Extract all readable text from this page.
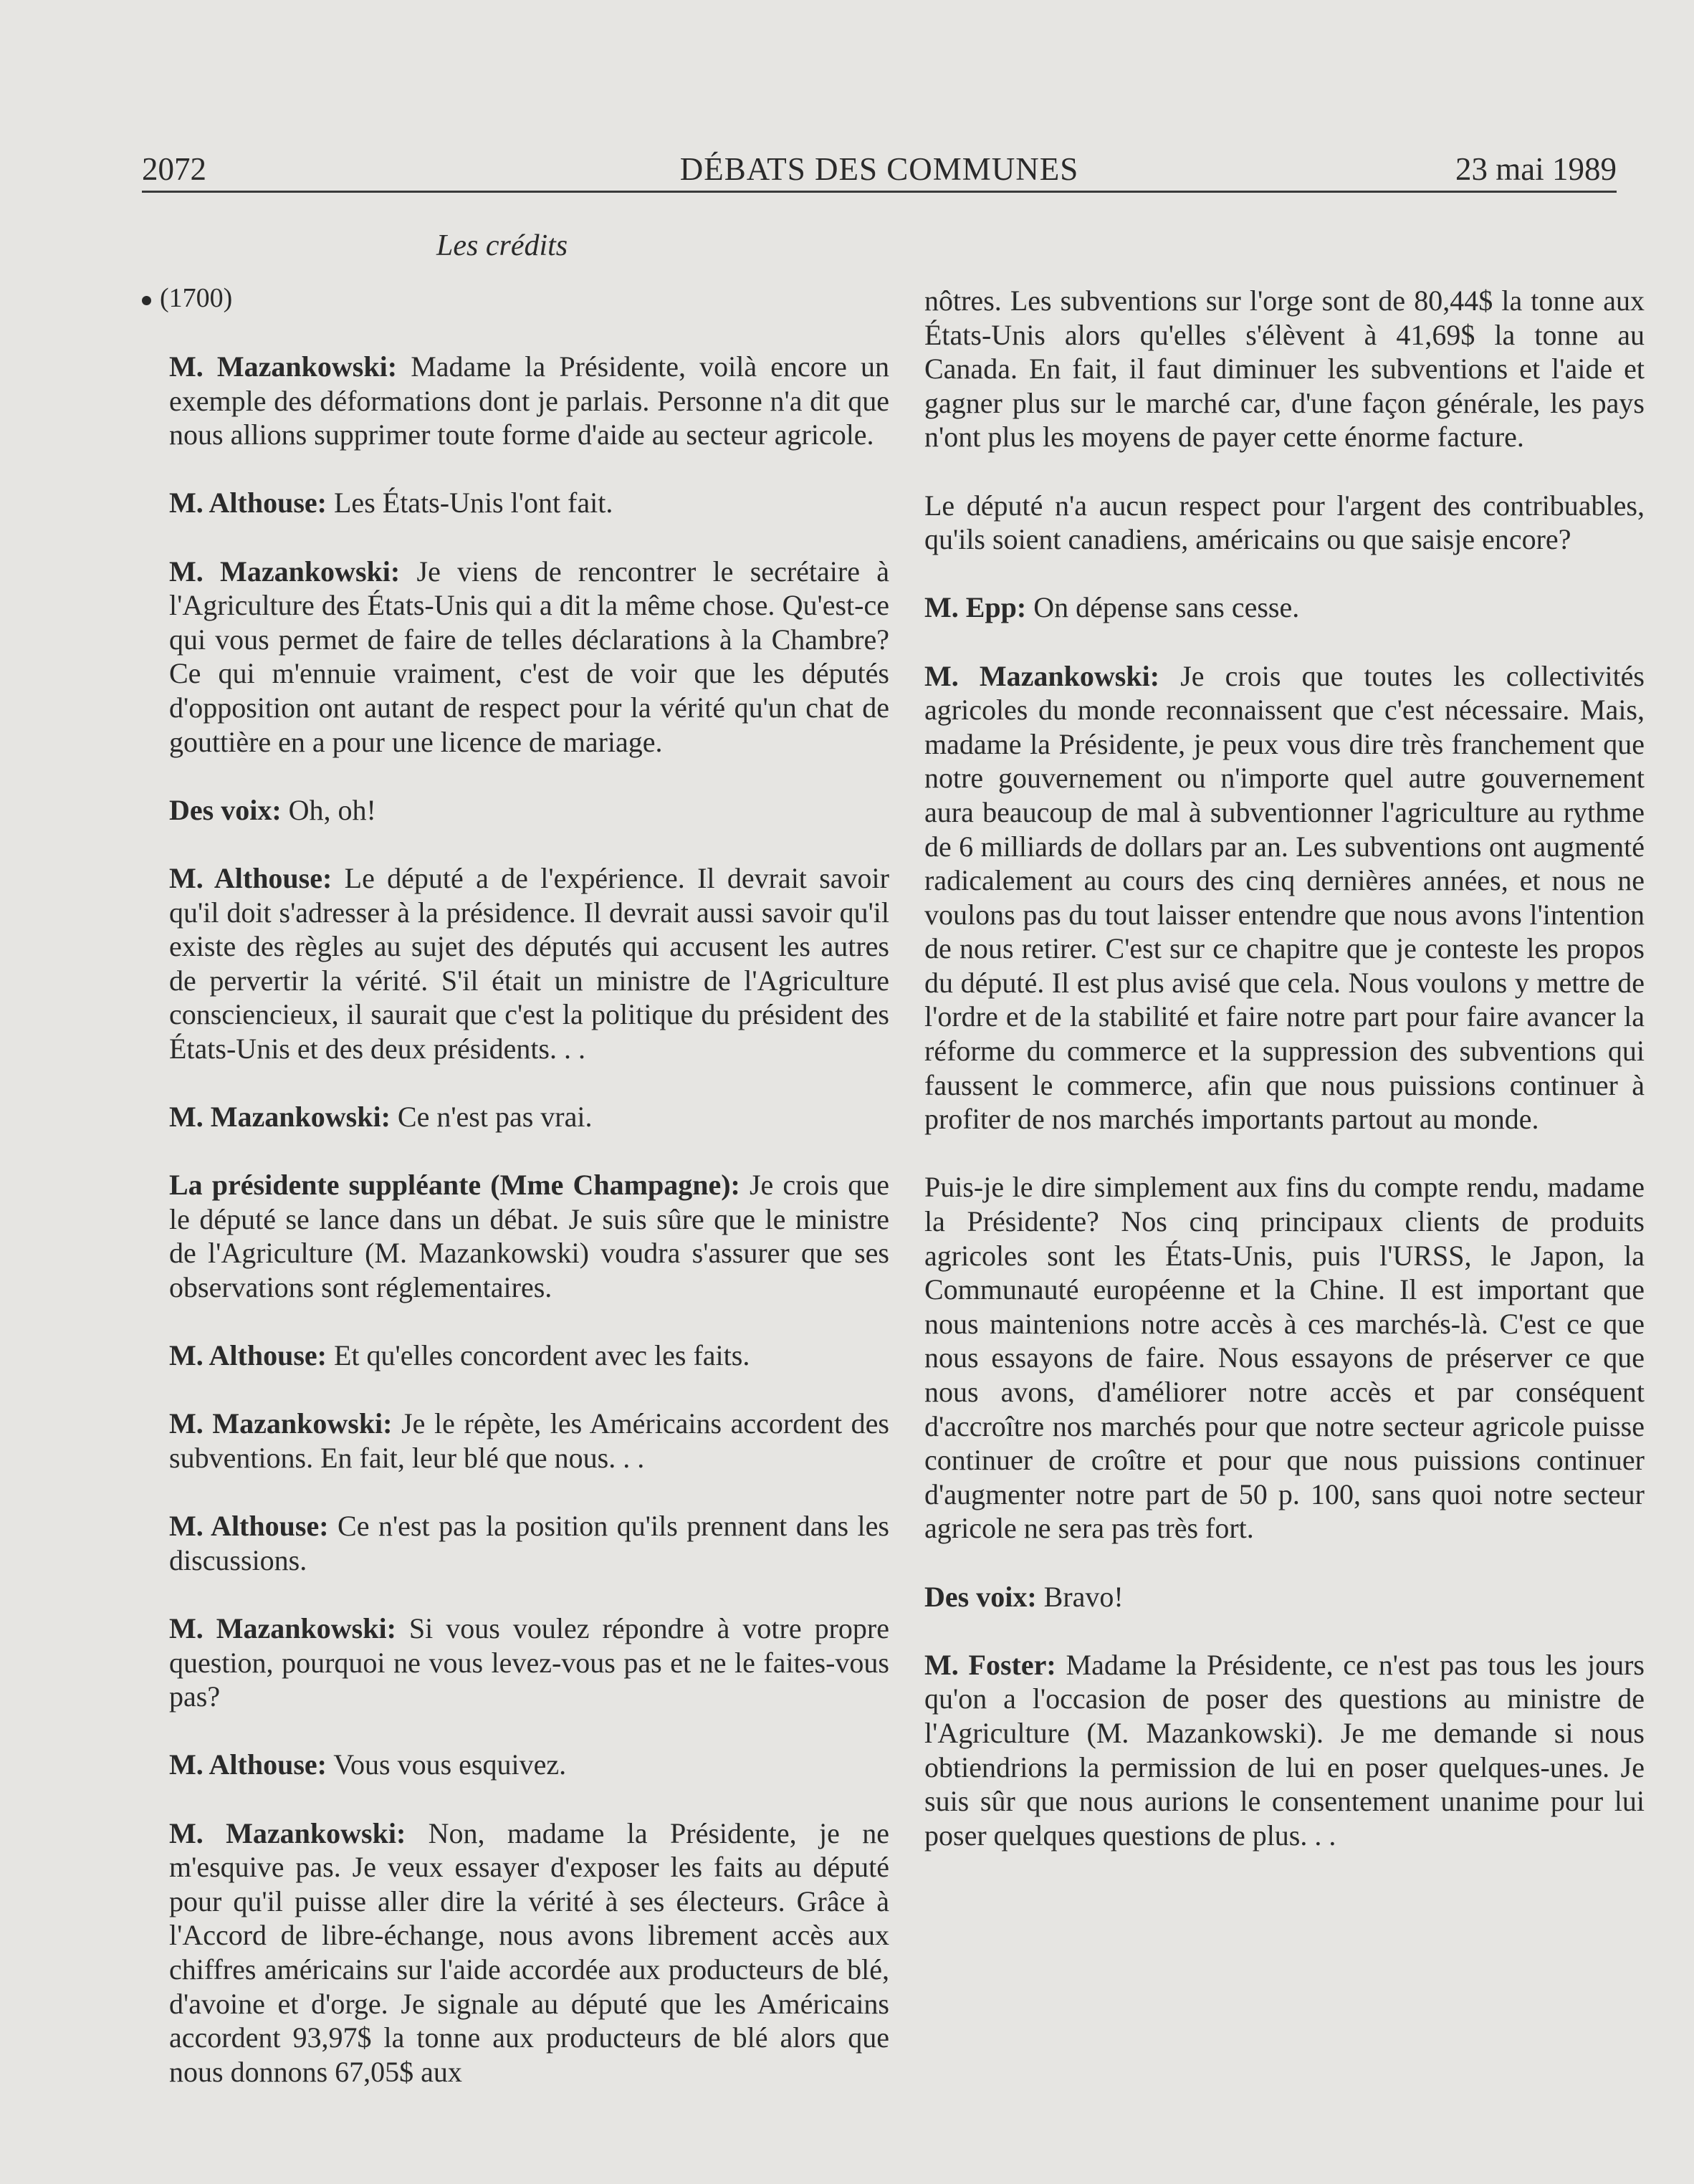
2072	DÉBATS DES COMMUNES	23 mai 1989
Les crédits
(1700)

M. Mazankowski: Madame la Présidente, voilà encore un exemple des déformations dont je parlais. Personne n'a dit que nous allions supprimer toute forme d'aide au secteur agricole.

M. Althouse: Les États-Unis l'ont fait.

M. Mazankowski: Je viens de rencontrer le secrétaire à l'Agriculture des États-Unis qui a dit la même chose. Qu'est-ce qui vous permet de faire de telles déclarations à la Chambre? Ce qui m'ennuie vraiment, c'est de voir que les députés d'opposition ont autant de respect pour la vérité qu'un chat de gouttière en a pour une licence de mariage.

Des voix: Oh, oh!

M. Althouse: Le député a de l'expérience. Il devrait savoir qu'il doit s'adresser à la présidence. Il devrait aussi savoir qu'il existe des règles au sujet des députés qui accusent les autres de pervertir la vérité. S'il était un ministre de l'Agriculture consciencieux, il saurait que c'est la politique du président des États-Unis et des deux présidents. . .

M. Mazankowski: Ce n'est pas vrai.

La présidente suppléante (Mme Champagne): Je crois que le député se lance dans un débat. Je suis sûre que le ministre de l'Agriculture (M. Mazankowski) voudra s'assurer que ses observations sont réglementaires.

M. Althouse: Et qu'elles concordent avec les faits.

M. Mazankowski: Je le répète, les Américains accordent des subventions. En fait, leur blé que nous. . .

M. Althouse: Ce n'est pas la position qu'ils prennent dans les discussions.

M. Mazankowski: Si vous voulez répondre à votre propre question, pourquoi ne vous levez-vous pas et ne le faites-vous pas?

M. Althouse: Vous vous esquivez.

M. Mazankowski: Non, madame la Présidente, je ne m'esquive pas. Je veux essayer d'exposer les faits au député pour qu'il puisse aller dire la vérité à ses électeurs. Grâce à l'Accord de libre-échange, nous avons librement accès aux chiffres américains sur l'aide accordée aux producteurs de blé, d'avoine et d'orge. Je signale au député que les Américains accordent 93,97$ la tonne aux producteurs de blé alors que nous donnons 67,05$ aux

nôtres. Les subventions sur l'orge sont de 80,44$ la tonne aux États-Unis alors qu'elles s'élèvent à 41,69$ la tonne au Canada. En fait, il faut diminuer les subventions et l'aide et gagner plus sur le marché car, d'une façon générale, les pays n'ont plus les moyens de payer cette énorme facture.

Le député n'a aucun respect pour l'argent des contribuables, qu'ils soient canadiens, américains ou que saisje encore?

M. Epp: On dépense sans cesse.

M. Mazankowski: Je crois que toutes les collectivités agricoles du monde reconnaissent que c'est nécessaire. Mais, madame la Présidente, je peux vous dire très franchement que notre gouvernement ou n'importe quel autre gouvernement aura beaucoup de mal à subventionner l'agriculture au rythme de 6 milliards de dollars par an. Les subventions ont augmenté radicalement au cours des cinq dernières années, et nous ne voulons pas du tout laisser entendre que nous avons l'intention de nous retirer. C'est sur ce chapitre que je conteste les propos du député. Il est plus avisé que cela. Nous voulons y mettre de l'ordre et de la stabilité et faire notre part pour faire avancer la réforme du commerce et la suppression des subventions qui faussent le commerce, afin que nous puissions continuer à profiter de nos marchés importants partout au monde.

Puis-je le dire simplement aux fins du compte rendu, madame la Présidente? Nos cinq principaux clients de produits agricoles sont les États-Unis, puis l'URSS, le Japon, la Communauté européenne et la Chine. Il est important que nous maintenions notre accès à ces marchés-là. C'est ce que nous essayons de faire. Nous essayons de préserver ce que nous avons, d'améliorer notre accès et par conséquent d'accroître nos marchés pour que notre secteur agricole puisse continuer de croître et pour que nous puissions continuer d'augmenter notre part de 50 p. 100, sans quoi notre secteur agricole ne sera pas très fort.

Des voix: Bravo!

M. Foster: Madame la Présidente, ce n'est pas tous les jours qu'on a l'occasion de poser des questions au ministre de l'Agriculture (M. Mazankowski). Je me demande si nous obtiendrions la permission de lui en poser quelques-unes. Je suis sûr que nous aurions le consentement unanime pour lui poser quelques questions de plus. . .
